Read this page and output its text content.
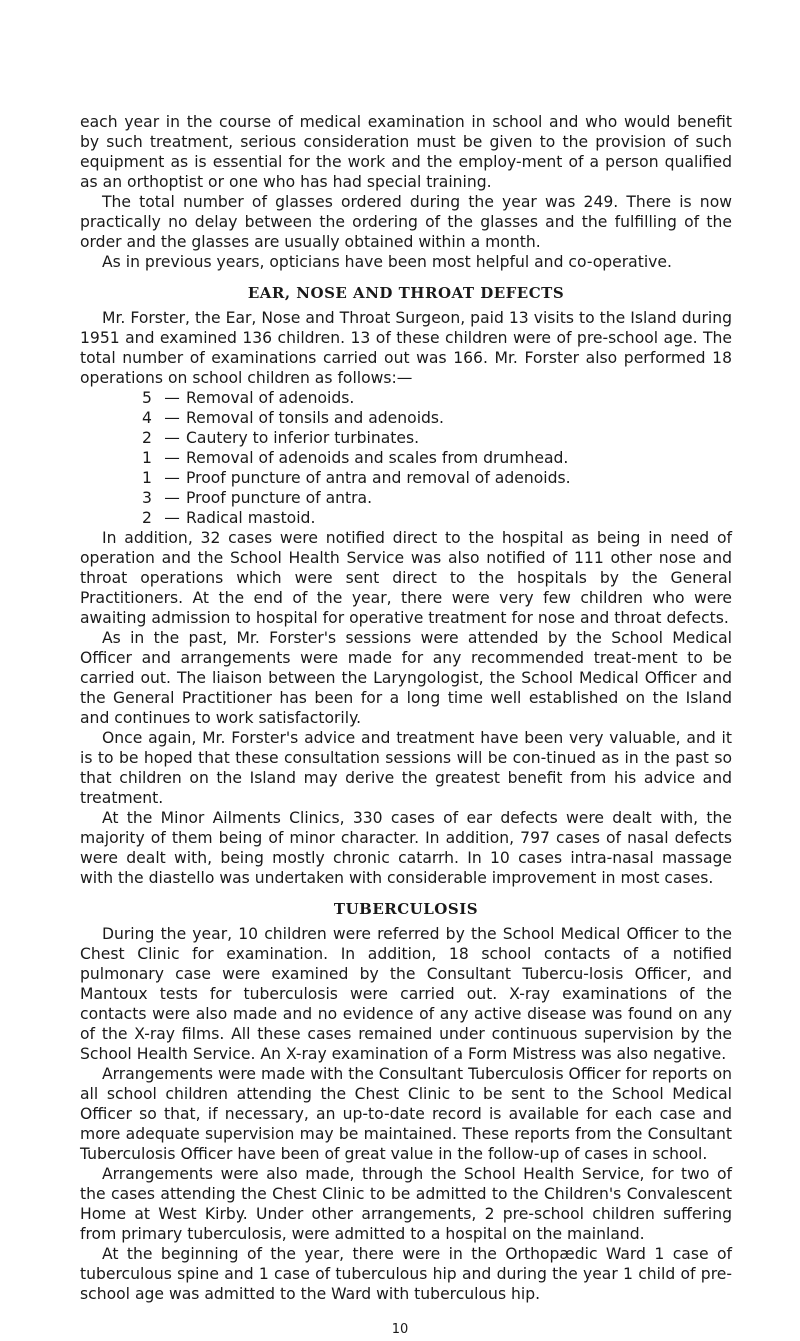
each year in the course of medical examination in school and who would benefit by such treatment, serious consideration must be given to the provision of such equipment as is essential for the work and the employ-ment of a person qualified as an orthoptist or one who has had special training.

The total number of glasses ordered during the year was 249. There is now practically no delay between the ordering of the glasses and the fulfilling of the order and the glasses are usually obtained within a month.

As in previous years, opticians have been most helpful and co-operative.

EAR, NOSE AND THROAT DEFECTS

Mr. Forster, the Ear, Nose and Throat Surgeon, paid 13 visits to the Island during 1951 and examined 136 children. 13 of these children were of pre-school age. The total number of examinations carried out was 166. Mr. Forster also performed 18 operations on school children as follows:—

5 — Removal of adenoids.
4 — Removal of tonsils and adenoids.
2 — Cautery to inferior turbinates.
1 — Removal of adenoids and scales from drumhead.
1 — Proof puncture of antra and removal of adenoids.
3 — Proof puncture of antra.
2 — Radical mastoid.

In addition, 32 cases were notified direct to the hospital as being in need of operation and the School Health Service was also notified of 111 other nose and throat operations which were sent direct to the hospitals by the General Practitioners. At the end of the year, there were very few children who were awaiting admission to hospital for operative treatment for nose and throat defects.

As in the past, Mr. Forster's sessions were attended by the School Medical Officer and arrangements were made for any recommended treat-ment to be carried out. The liaison between the Laryngologist, the School Medical Officer and the General Practitioner has been for a long time well established on the Island and continues to work satisfactorily.

Once again, Mr. Forster's advice and treatment have been very valuable, and it is to be hoped that these consultation sessions will be con-tinued as in the past so that children on the Island may derive the greatest benefit from his advice and treatment.

At the Minor Ailments Clinics, 330 cases of ear defects were dealt with, the majority of them being of minor character. In addition, 797 cases of nasal defects were dealt with, being mostly chronic catarrh. In 10 cases intra-nasal massage with the diastello was undertaken with considerable improvement in most cases.

TUBERCULOSIS

During the year, 10 children were referred by the School Medical Officer to the Chest Clinic for examination. In addition, 18 school contacts of a notified pulmonary case were examined by the Consultant Tubercu-losis Officer, and Mantoux tests for tuberculosis were carried out. X-ray examinations of the contacts were also made and no evidence of any active disease was found on any of the X-ray films. All these cases remained under continuous supervision by the School Health Service. An X-ray examination of a Form Mistress was also negative.

Arrangements were made with the Consultant Tuberculosis Officer for reports on all school children attending the Chest Clinic to be sent to the School Medical Officer so that, if necessary, an up-to-date record is available for each case and more adequate supervision may be maintained. These reports from the Consultant Tuberculosis Officer have been of great value in the follow-up of cases in school.

Arrangements were also made, through the School Health Service, for two of the cases attending the Chest Clinic to be admitted to the Children's Convalescent Home at West Kirby. Under other arrangements, 2 pre-school children suffering from primary tuberculosis, were admitted to a hospital on the mainland.

At the beginning of the year, there were in the Orthopædic Ward 1 case of tuberculous spine and 1 case of tuberculous hip and during the year 1 child of pre-school age was admitted to the Ward with tuberculous hip.

10
